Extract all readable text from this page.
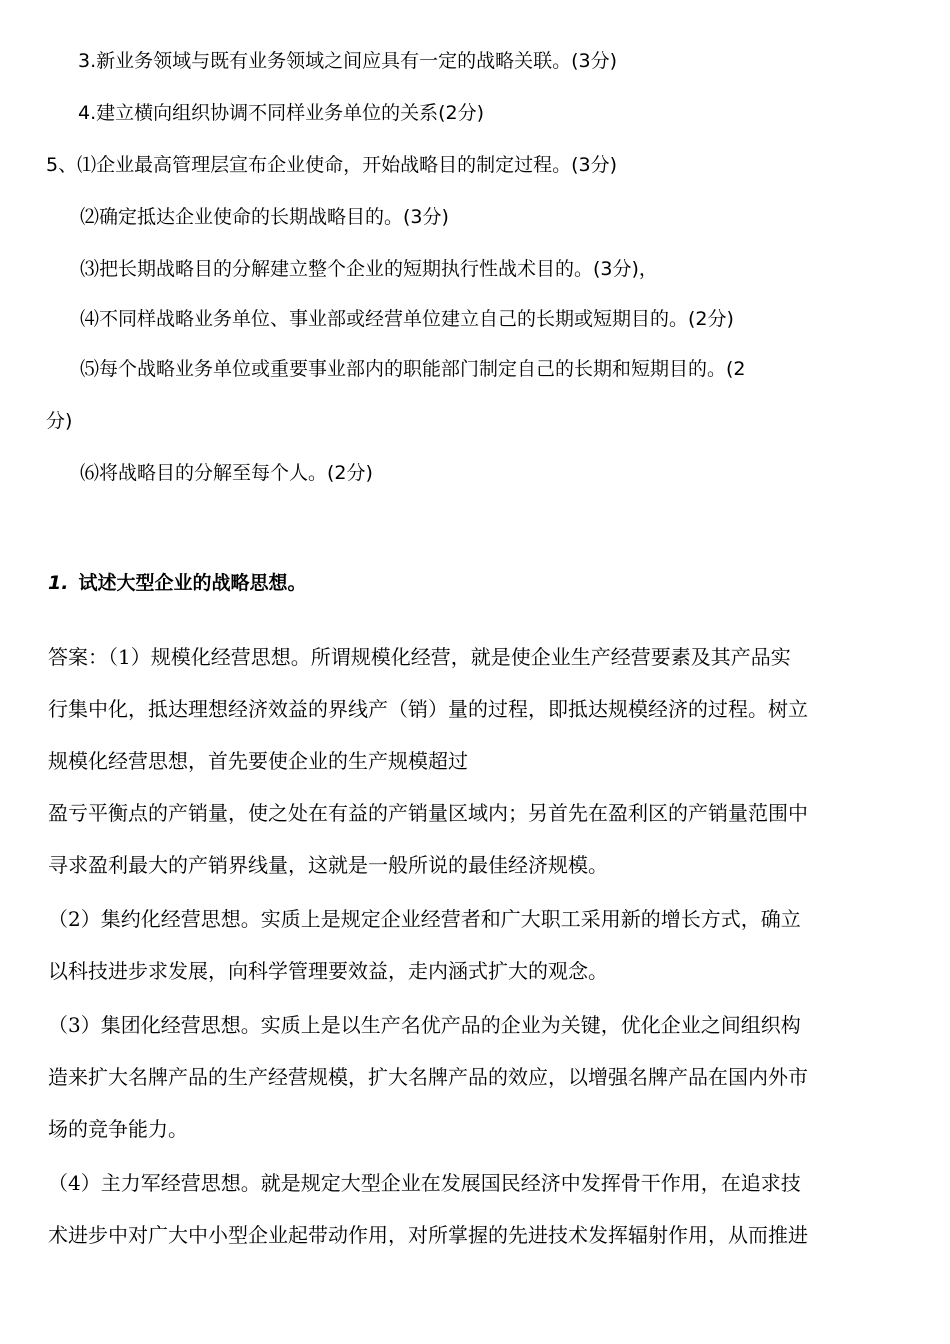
3.新业务领域与既有业务领域之间应具有一定的战略关联。(3分)
4.建立横向组织协调不同样业务单位的关系(2分)
5、⑴企业最高管理层宣布企业使命，开始战略目的制定过程。(3分)
⑵确定抵达企业使命的长期战略目的。(3分)
⑶把长期战略目的分解建立整个企业的短期执行性战术目的。(3分)，
⑷不同样战略业务单位、事业部或经营单位建立自己的长期或短期目的。(2分)
⑸每个战略业务单位或重要事业部内的职能部门制定自己的长期和短期目的。(2
分)
⑹将战略目的分解至每个人。(2分)
1. 试述大型企业的战略思想。
答案：（1）规模化经营思想。所谓规模化经营，就是使企业生产经营要素及其产品实
行集中化，抵达理想经济效益的界线产（销）量的过程，即抵达规模经济的过程。树立
规模化经营思想，首先要使企业的生产规模超过
盈亏平衡点的产销量，使之处在有益的产销量区域内；另首先在盈利区的产销量范围中
寻求盈利最大的产销界线量，这就是一般所说的最佳经济规模。
（2）集约化经营思想。实质上是规定企业经营者和广大职工采用新的增长方式，确立
以科技进步求发展，向科学管理要效益，走内涵式扩大的观念。
（3）集团化经营思想。实质上是以生产名优产品的企业为关键，优化企业之间组织构
造来扩大名牌产品的生产经营规模，扩大名牌产品的效应，以增强名牌产品在国内外市
场的竞争能力。
（4）主力军经营思想。就是规定大型企业在发展国民经济中发挥骨干作用，在追求技
术进步中对广大中小型企业起带动作用，对所掌握的先进技术发挥辐射作用，从而推进
